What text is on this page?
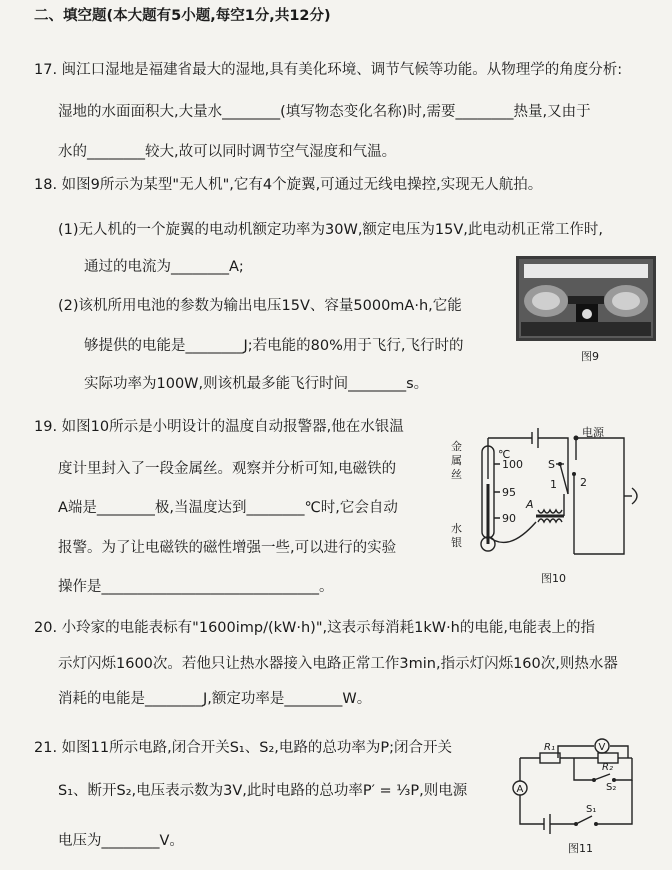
二、填空题(本大题有5小题,每空1分,共12分)
17. 闽江口湿地是福建省最大的湿地,具有美化环境、调节气候等功能。从物理学的角度分析:
湿地的水面面积大,大量水________(填写物态变化名称)时,需要________热量,又由于
水的________较大,故可以同时调节空气湿度和气温。
18. 如图9所示为某型"无人机",它有4个旋翼,可通过无线电操控,实现无人航拍。
(1)无人机的一个旋翼的电动机额定功率为30W,额定电压为15V,此电动机正常工作时,
通过的电流为________A;
(2)该机所用电池的参数为输出电压15V、容量5000mA·h,它能
够提供的电能是________J;若电能的80%用于飞行,飞行时的
实际功率为100W,则该机最多能飞行时间________s。
图9
19. 如图10所示是小明设计的温度自动报警器,他在水银温
度计里封入了一段金属丝。观察并分析可知,电磁铁的
A端是________极,当温度达到________℃时,它会自动
报警。为了让电磁铁的磁性增强一些,可以进行的实验
操作是______________________________。
金
属
丝
水
银
℃
100
95
90
A
S
1 2
电源
图10
20. 小玲家的电能表标有"1600imp/(kW·h)",这表示每消耗1kW·h的电能,电能表上的指
示灯闪烁1600次。若他只让热水器接入电路正常工作3min,指示灯闪烁160次,则热水器
消耗的电能是________J,额定功率是________W。
21. 如图11所示电路,闭合开关S₁、S₂,电路的总功率为P;闭合开关
S₁、断开S₂,电压表示数为3V,此时电路的总功率P′ = ⅓P,则电源
电压为________V。
V
A
R₁
R₂
S₂
S₁
图11
